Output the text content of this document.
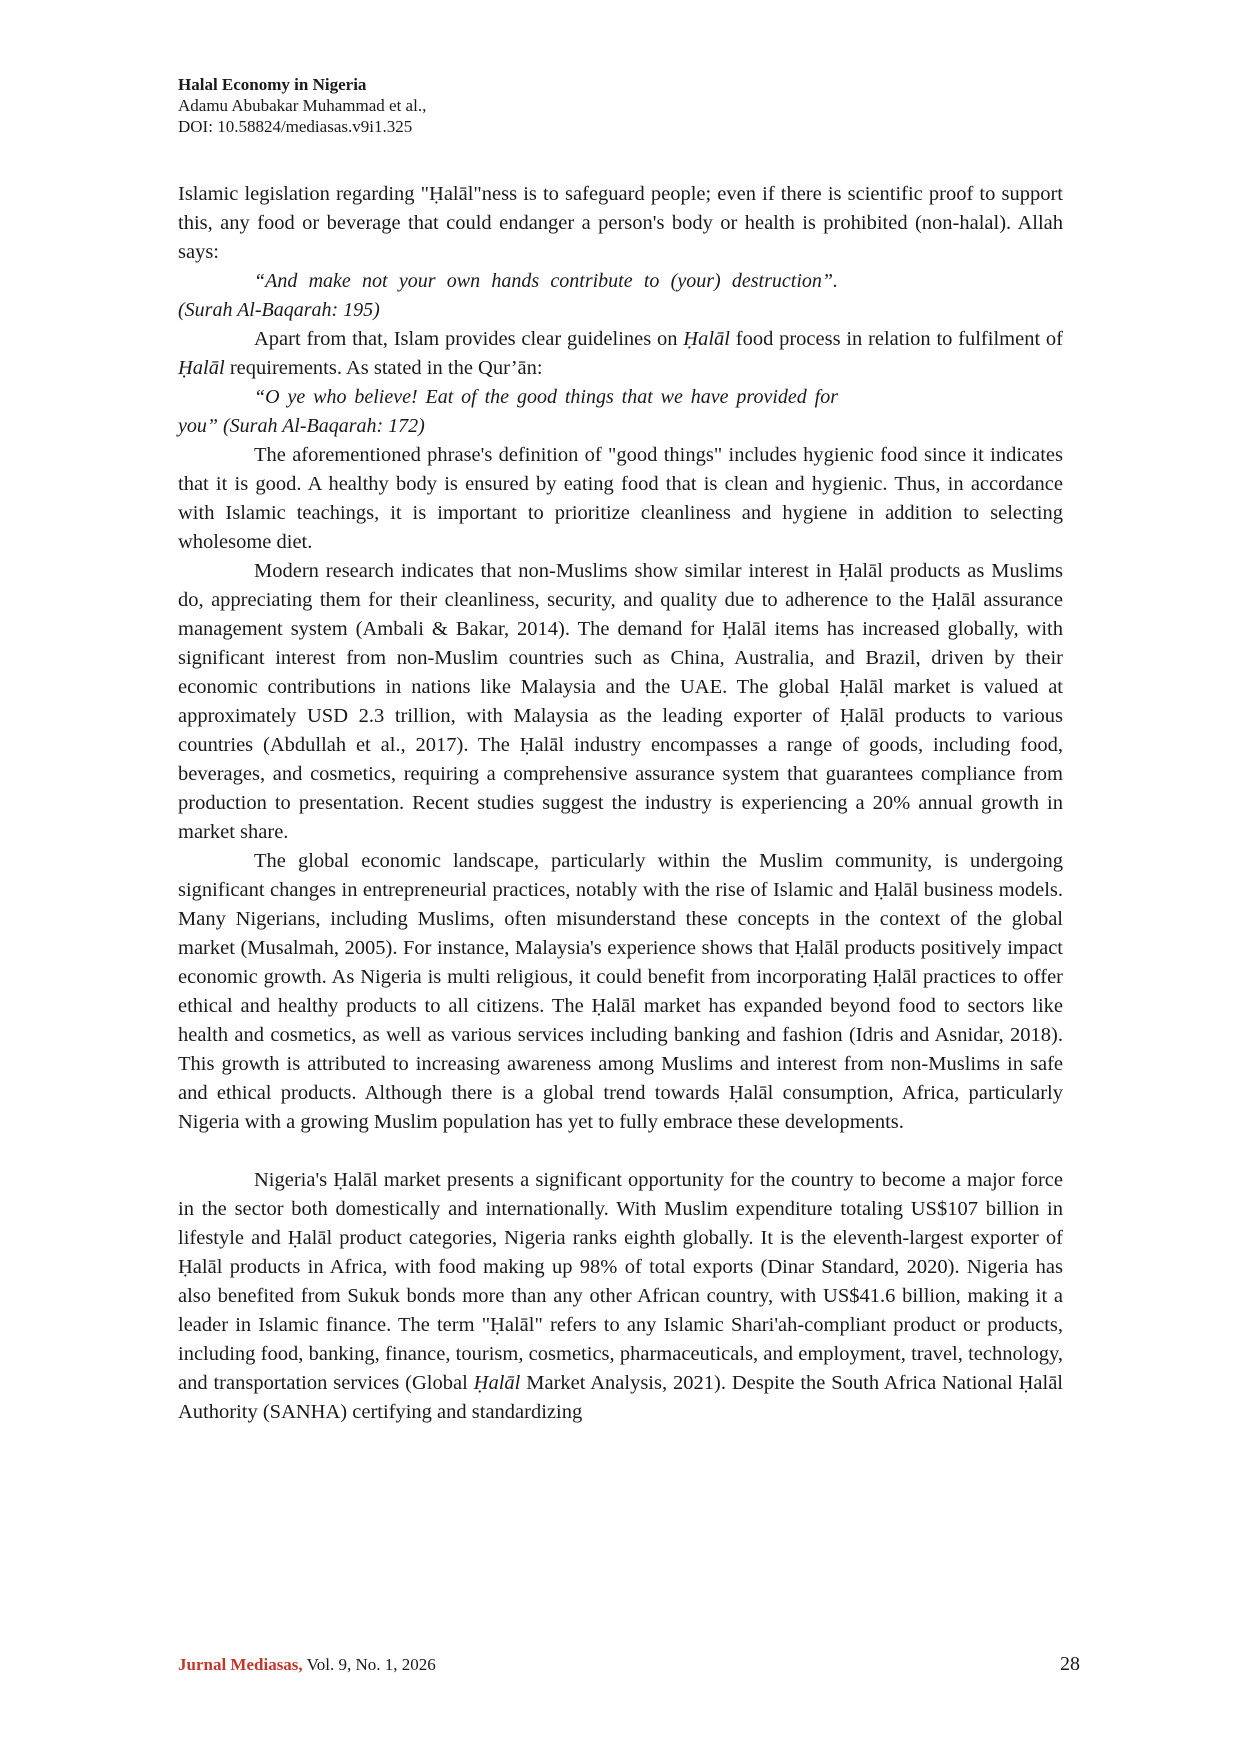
Halal Economy in Nigeria
Adamu Abubakar Muhammad et al.,
DOI: 10.58824/mediasas.v9i1.325

Islamic legislation regarding "Ḥalāl"ness is to safeguard people; even if there is scientific proof to support this, any food or beverage that could endanger a person's body or health is prohibited (non-halal). Allah says:

“And make not your own hands contribute to (your) destruction”. (Surah Al-Baqarah: 195)

Apart from that, Islam provides clear guidelines on Ḥalāl food process in relation to fulfilment of Ḥalāl requirements. As stated in the Qur’ān:

“O ye who believe! Eat of the good things that we have provided for you” (Surah Al-Baqarah: 172)

The aforementioned phrase's definition of "good things" includes hygienic food since it indicates that it is good. A healthy body is ensured by eating food that is clean and hygienic. Thus, in accordance with Islamic teachings, it is important to prioritize cleanliness and hygiene in addition to selecting wholesome diet.

Modern research indicates that non-Muslims show similar interest in Ḥalāl products as Muslims do, appreciating them for their cleanliness, security, and quality due to adherence to the Ḥalāl assurance management system (Ambali & Bakar, 2014). The demand for Ḥalāl items has increased globally, with significant interest from non-Muslim countries such as China, Australia, and Brazil, driven by their economic contributions in nations like Malaysia and the UAE. The global Ḥalāl market is valued at approximately USD 2.3 trillion, with Malaysia as the leading exporter of Ḥalāl products to various countries (Abdullah et al., 2017). The Ḥalāl industry encompasses a range of goods, including food, beverages, and cosmetics, requiring a comprehensive assurance system that guarantees compliance from production to presentation. Recent studies suggest the industry is experiencing a 20% annual growth in market share.

The global economic landscape, particularly within the Muslim community, is undergoing significant changes in entrepreneurial practices, notably with the rise of Islamic and Ḥalāl business models. Many Nigerians, including Muslims, often misunderstand these concepts in the context of the global market (Musalmah, 2005). For instance, Malaysia's experience shows that Ḥalāl products positively impact economic growth. As Nigeria is multi religious, it could benefit from incorporating Ḥalāl practices to offer ethical and healthy products to all citizens. The Ḥalāl market has expanded beyond food to sectors like health and cosmetics, as well as various services including banking and fashion (Idris and Asnidar, 2018). This growth is attributed to increasing awareness among Muslims and interest from non-Muslims in safe and ethical products. Although there is a global trend towards Ḥalāl consumption, Africa, particularly Nigeria with a growing Muslim population has yet to fully embrace these developments.

Nigeria's Ḥalāl market presents a significant opportunity for the country to become a major force in the sector both domestically and internationally. With Muslim expenditure totaling US$107 billion in lifestyle and Ḥalāl product categories, Nigeria ranks eighth globally. It is the eleventh-largest exporter of Ḥalāl products in Africa, with food making up 98% of total exports (Dinar Standard, 2020). Nigeria has also benefited from Sukuk bonds more than any other African country, with US$41.6 billion, making it a leader in Islamic finance. The term "Ḥalāl" refers to any Islamic Shari'ah-compliant product or products, including food, banking, finance, tourism, cosmetics, pharmaceuticals, and employment, travel, technology, and transportation services (Global Ḥalāl Market Analysis, 2021). Despite the South Africa National Ḥalāl Authority (SANHA) certifying and standardizing

Jurnal Mediasas, Vol. 9, No. 1, 2026	28
